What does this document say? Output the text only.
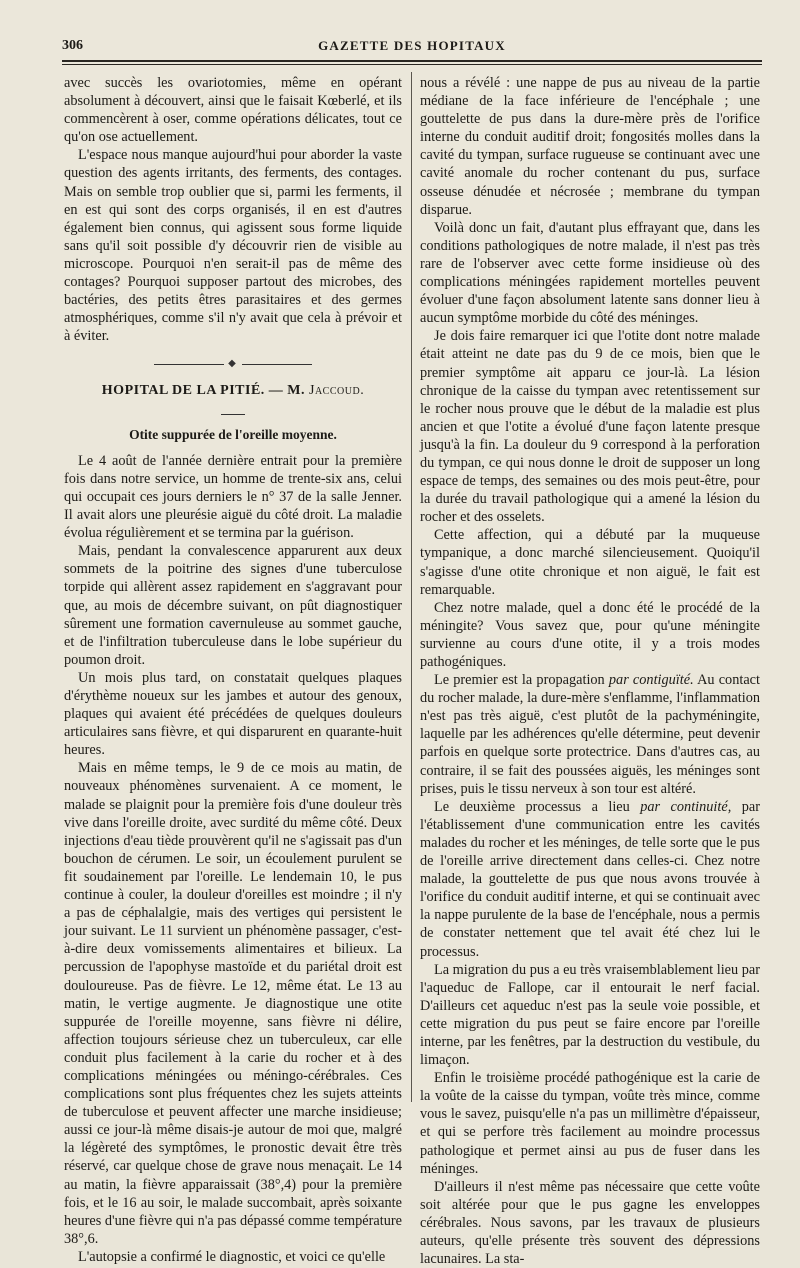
306	GAZETTE DES HOPITAUX

avec succès les ovariotomies, même en opérant absolument à découvert, ainsi que le faisait Kœberlé, et ils commencèrent à oser, comme opérations délicates, tout ce qu'on ose actuellement.

L'espace nous manque aujourd'hui pour aborder la vaste question des agents irritants, des ferments, des contages. Mais on semble trop oublier que si, parmi les ferments, il en est qui sont des corps organisés, il en est d'autres également bien connus, qui agissent sous forme liquide sans qu'il soit possible d'y découvrir rien de visible au microscope. Pourquoi n'en serait-il pas de même des contages? Pourquoi supposer partout des microbes, des bactéries, des petits êtres parasitaires et des germes atmosphériques, comme s'il n'y avait que cela à prévoir et à éviter.

◆
HOPITAL DE LA PITIÉ. — M. Jaccoud.
Otite suppurée de l'oreille moyenne.

Le 4 août de l'année dernière entrait pour la première fois dans notre service, un homme de trente-six ans, celui qui occupait ces jours derniers le n° 37 de la salle Jenner. Il avait alors une pleurésie aiguë du côté droit. La maladie évolua régulièrement et se termina par la guérison.

Mais, pendant la convalescence apparurent aux deux sommets de la poitrine des signes d'une tuberculose torpide qui allèrent assez rapidement en s'aggravant pour que, au mois de décembre suivant, on pût diagnostiquer sûrement une formation cavernuleuse au sommet gauche, et de l'infiltration tuberculeuse dans le lobe supérieur du poumon droit.

Un mois plus tard, on constatait quelques plaques d'érythème noueux sur les jambes et autour des genoux, plaques qui avaient été précédées de quelques douleurs articulaires sans fièvre, et qui disparurent en quarante-huit heures.

Mais en même temps, le 9 de ce mois au matin, de nouveaux phénomènes survenaient. A ce moment, le malade se plaignit pour la première fois d'une douleur très vive dans l'oreille droite, avec surdité du même côté. Deux injections d'eau tiède prouvèrent qu'il ne s'agissait pas d'un bouchon de cérumen. Le soir, un écoulement purulent se fit soudainement par l'oreille. Le lendemain 10, le pus continue à couler, la douleur d'oreilles est moindre ; il n'y a pas de céphalalgie, mais des vertiges qui persistent le jour suivant. Le 11 survient un phénomène passager, c'est-à-dire deux vomissements alimentaires et bilieux. La percussion de l'apophyse mastoïde et du pariétal droit est douloureuse. Pas de fièvre. Le 12, même état. Le 13 au matin, le vertige augmente. Je diagnostique une otite suppurée de l'oreille moyenne, sans fièvre ni délire, affection toujours sérieuse chez un tuberculeux, car elle conduit plus facilement à la carie du rocher et à des complications méningées ou méningo-cérébrales. Ces complications sont plus fréquentes chez les sujets atteints de tuberculose et peuvent affecter une marche insidieuse; aussi ce jour-là même disais-je autour de moi que, malgré la légèreté des symptômes, le pronostic devait être très réservé, car quelque chose de grave nous menaçait. Le 14 au matin, la fièvre apparaissait (38°,4) pour la première fois, et le 16 au soir, le malade succombait, après soixante heures d'une fièvre qui n'a pas dépassé comme température 38°,6.

L'autopsie a confirmé le diagnostic, et voici ce qu'elle

nous a révélé : une nappe de pus au niveau de la partie médiane de la face inférieure de l'encéphale ; une gouttelette de pus dans la dure-mère près de l'orifice interne du conduit auditif droit; fongosités molles dans la cavité du tympan, surface rugueuse se continuant avec une cavité anomale du rocher contenant du pus, surface osseuse dénudée et nécrosée ; membrane du tympan disparue.

Voilà donc un fait, d'autant plus effrayant que, dans les conditions pathologiques de notre malade, il n'est pas très rare de l'observer avec cette forme insidieuse où des complications méningées rapidement mortelles peuvent évoluer d'une façon absolument latente sans donner lieu à aucun symptôme morbide du côté des méninges.

Je dois faire remarquer ici que l'otite dont notre malade était atteint ne date pas du 9 de ce mois, bien que le premier symptôme ait apparu ce jour-là. La lésion chronique de la caisse du tympan avec retentissement sur le rocher nous prouve que le début de la maladie est plus ancien et que l'otite a évolué d'une façon latente presque jusqu'à la fin. La douleur du 9 correspond à la perforation du tympan, ce qui nous donne le droit de supposer un long espace de temps, des semaines ou des mois peut-être, pour la durée du travail pathologique qui a amené la lésion du rocher et des osselets.

Cette affection, qui a débuté par la muqueuse tympanique, a donc marché silencieusement. Quoiqu'il s'agisse d'une otite chronique et non aiguë, le fait est remarquable.

Chez notre malade, quel a donc été le procédé de la méningite? Vous savez que, pour qu'une méningite survienne au cours d'une otite, il y a trois modes pathogéniques.

Le premier est la propagation par contiguïté. Au contact du rocher malade, la dure-mère s'enflamme, l'inflammation n'est pas très aiguë, c'est plutôt de la pachyméningite, laquelle par les adhérences qu'elle détermine, peut devenir parfois en quelque sorte protectrice. Dans d'autres cas, au contraire, il se fait des poussées aiguës, les méninges sont prises, puis le tissu nerveux à son tour est altéré.

Le deuxième processus a lieu par continuité, par l'établissement d'une communication entre les cavités malades du rocher et les méninges, de telle sorte que le pus de l'oreille arrive directement dans celles-ci. Chez notre malade, la gouttelette de pus que nous avons trouvée à l'orifice du conduit auditif interne, et qui se continuait avec la nappe purulente de la base de l'encéphale, nous a permis de constater nettement que tel avait été chez lui le processus.

La migration du pus a eu très vraisemblablement lieu par l'aqueduc de Fallope, car il entourait le nerf facial. D'ailleurs cet aqueduc n'est pas la seule voie possible, et cette migration du pus peut se faire encore par l'oreille interne, par les fenêtres, par la destruction du vestibule, du limaçon.

Enfin le troisième procédé pathogénique est la carie de la voûte de la caisse du tympan, voûte très mince, comme vous le savez, puisqu'elle n'a pas un millimètre d'épaisseur, et qui se perfore très facilement au moindre processus pathologique et permet ainsi au pus de fuser dans les méninges.

D'ailleurs il n'est même pas nécessaire que cette voûte soit altérée pour que le pus gagne les enveloppes cérébrales. Nous savons, par les travaux de plusieurs auteurs, qu'elle présente très souvent des dépressions lacunaires. La sta-
